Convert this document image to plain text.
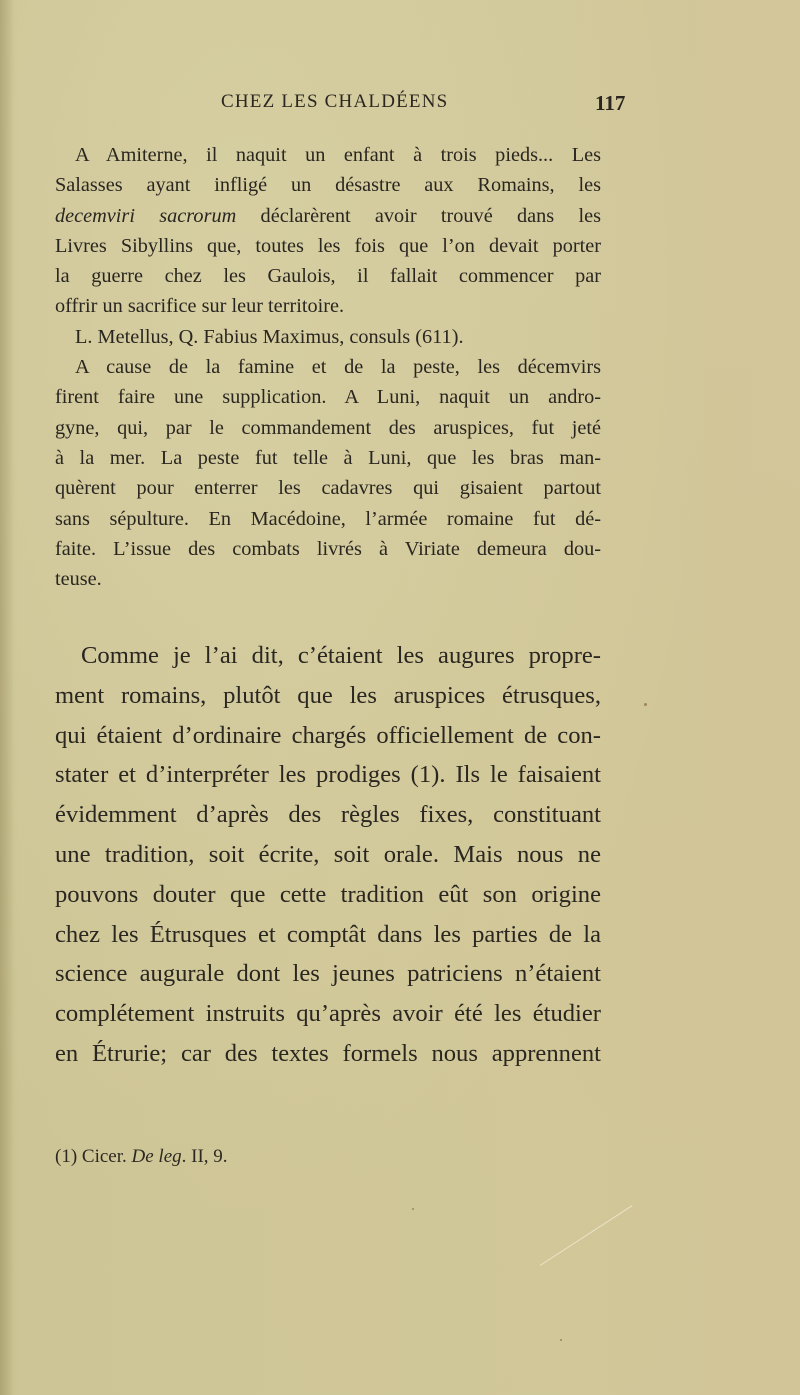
CHEZ LES CHALDÉENS	117
A Amiterne, il naquit un enfant à trois pieds... Les
Salasses ayant infligé un désastre aux Romains, les
decemviri sacrorum déclarèrent avoir trouvé dans les
Livres Sibyllins que, toutes les fois que l’on devait porter
la guerre chez les Gaulois, il fallait commencer par
offrir un sacrifice sur leur territoire.
L. Metellus, Q. Fabius Maximus, consuls (611).
A cause de la famine et de la peste, les décemvirs
firent faire une supplication. A Luni, naquit un andro-
gyne, qui, par le commandement des aruspices, fut jeté
à la mer. La peste fut telle à Luni, que les bras man-
quèrent pour enterrer les cadavres qui gisaient partout
sans sépulture. En Macédoine, l’armée romaine fut dé-
faite. L’issue des combats livrés à Viriate demeura dou-
teuse.
Comme je l’ai dit, c’étaient les augures propre-
ment romains, plutôt que les aruspices étrusques,
qui étaient d’ordinaire chargés officiellement de con-
stater et d’interpréter les prodiges (1). Ils le faisaient
évidemment d’après des règles fixes, constituant
une tradition, soit écrite, soit orale. Mais nous ne
pouvons douter que cette tradition eût son origine
chez les Étrusques et comptât dans les parties de la
science augurale dont les jeunes patriciens n’étaient
complétement instruits qu’après avoir été les étudier
en Étrurie; car des textes formels nous apprennent
(1) Cicer. De leg. II, 9.
